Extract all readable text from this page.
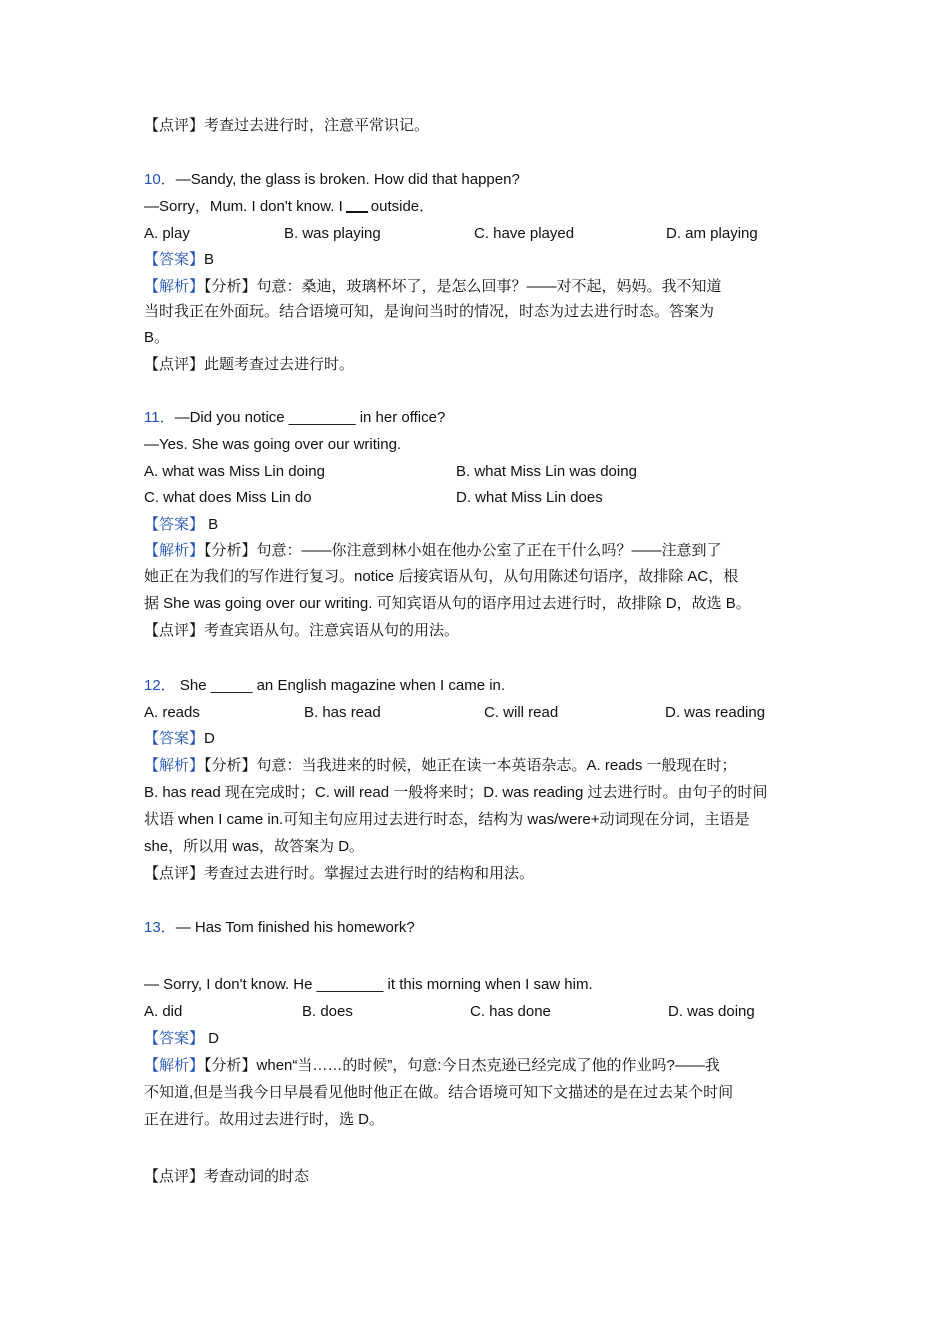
【点评】考查过去进行时，注意平常识记。
10．—Sandy, the glass is broken. How did that happen?
—Sorry，Mum. I don't know. I outside．
A. play	B. was playing	C. have played	D. am playing
【答案】B
【解析】【分析】句意：桑迪，玻璃杯坏了，是怎么回事？——对不起，妈妈。我不知道
当时我正在外面玩。结合语境可知，是询问当时的情况，时态为过去进行时态。答案为
B。
【点评】此题考查过去进行时。
11．—Did you notice ________ in her office?
—Yes. She was going over our writing.
A. what was Miss Lin doing	B. what Miss Lin was doing
C. what does Miss Lin do	D. what Miss Lin does
【答案】 B
【解析】【分析】句意：——你注意到林小姐在他办公室了正在干什么吗？——注意到了
她正在为我们的写作进行复习。notice 后接宾语从句，从句用陈述句语序，故排除 AC，根
据 She was going over our writing. 可知宾语从句的语序用过去进行时，故排除 D，故选 B。
【点评】考查宾语从句。注意宾语从句的用法。
12． She _____ an English magazine when I came in.
A. reads	B. has read	C. will read	D. was reading
【答案】D
【解析】【分析】句意：当我进来的时候，她正在读一本英语杂志。A. reads 一般现在时；
B. has read 现在完成时；C. will read 一般将来时；D. was reading 过去进行时。由句子的时间
状语 when I came in.可知主句应用过去进行时态，结构为 was/were+动词现在分词，主语是
she，所以用 was，故答案为 D。
【点评】考查过去进行时。掌握过去进行时的结构和用法。
13．— Has Tom finished his homework?
— Sorry, I don't know. He ________ it this morning when I saw him.
A. did	B. does	C. has done	D. was doing
【答案】 D
【解析】【分析】when“当……的时候”，句意:今日杰克逊已经完成了他的作业吗?——我
不知道,但是当我今日早晨看见他时他正在做。结合语境可知下文描述的是在过去某个时间
正在进行。故用过去进行时，选 D。
【点评】考查动词的时态
